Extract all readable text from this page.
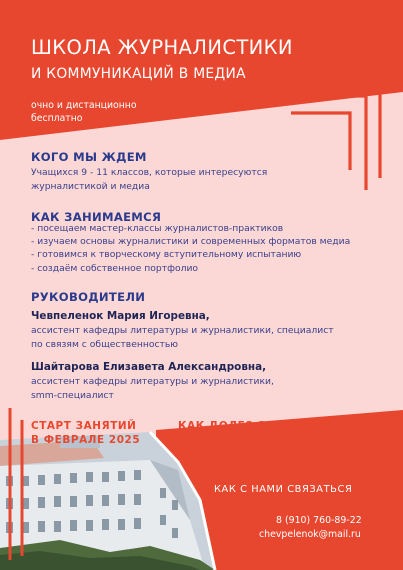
ШКОЛА ЖУРНАЛИСТИКИ
И КОММУНИКАЦИЙ В МЕДИА
очно и дистанционно
бесплатно
КОГО МЫ ЖДЕМ
Учащихся 9 - 11 классов, которые интересуются
журналистикой и медиа
КАК ЗАНИМАЕМСЯ
- посещаем мастер-классы журналистов-практиков
- изучаем основы журналистики и современных форматов медиа
- готовимся к творческому вступительному испытанию
- создаём собственное портфолио
РУКОВОДИТЕЛИ
Чевпеленок Мария Игоревна,
ассистент кафедры литературы и журналистики, специалист
по связям с общественностью
Шайтарова Елизавета Александровна,
ассистент кафедры литературы и журналистики,
smm-специалист
СТАРТ ЗАНЯТИЙ
В ФЕВРАЛЕ 2025
КАК ДОЛГО ЗАНИМАЕМСЯ
ФЕВРАЛЬ-МАЙ 2025
КАК С НАМИ СВЯЗАТЬСЯ
8 (910) 760-89-22
chevpelenok@mail.ru
